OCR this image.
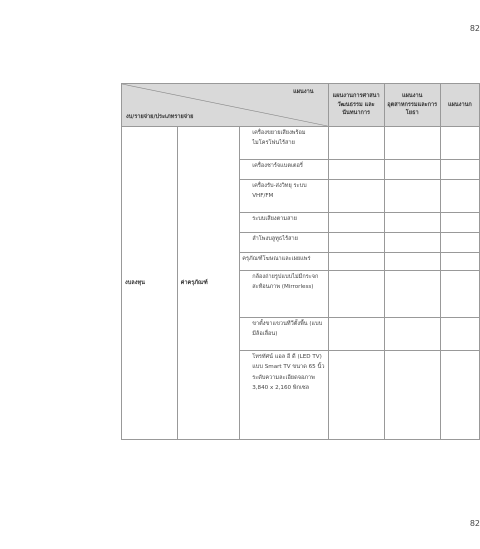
82
แผนงาน
งบ/รายจ่าย/ประเภทรายจ่าย			แผนงานการศาสนา วัฒนธรรม และนันทนาการ	แผนงาน อุตสาหกรรมและการโยธา	แผนงานก
งบลงทุน	ค่าครุภัณฑ์	เครื่องขยายเสียงพร้อมไมโครโฟนไร้สาย			
		เครื่องชาร์จแบตเตอรี่			
		เครื่องรับ-ส่งวิทยุ ระบบ VHF/FM			
		ระบบเสียงตามสาย			
		ลำโพงบลูทูธไร้สาย			
		ครุภัณฑ์โฆษณาและเผยแพร่			
		กล้องถ่ายรูปแบบไม่มีกระจกสะท้อนภาพ (Mirrorless)			
		ขาตั้งขาแขวนทีวีตั้งพื้น (แบบมีล้อเลื่อน)			
		โทรทัศน์ แอล อี ดี (LED TV) แบบ Smart TV ขนาด 65 นิ้ว ระดับความละเอียดจอภาพ 3,840 x 2,160 พิกเซล			
82
